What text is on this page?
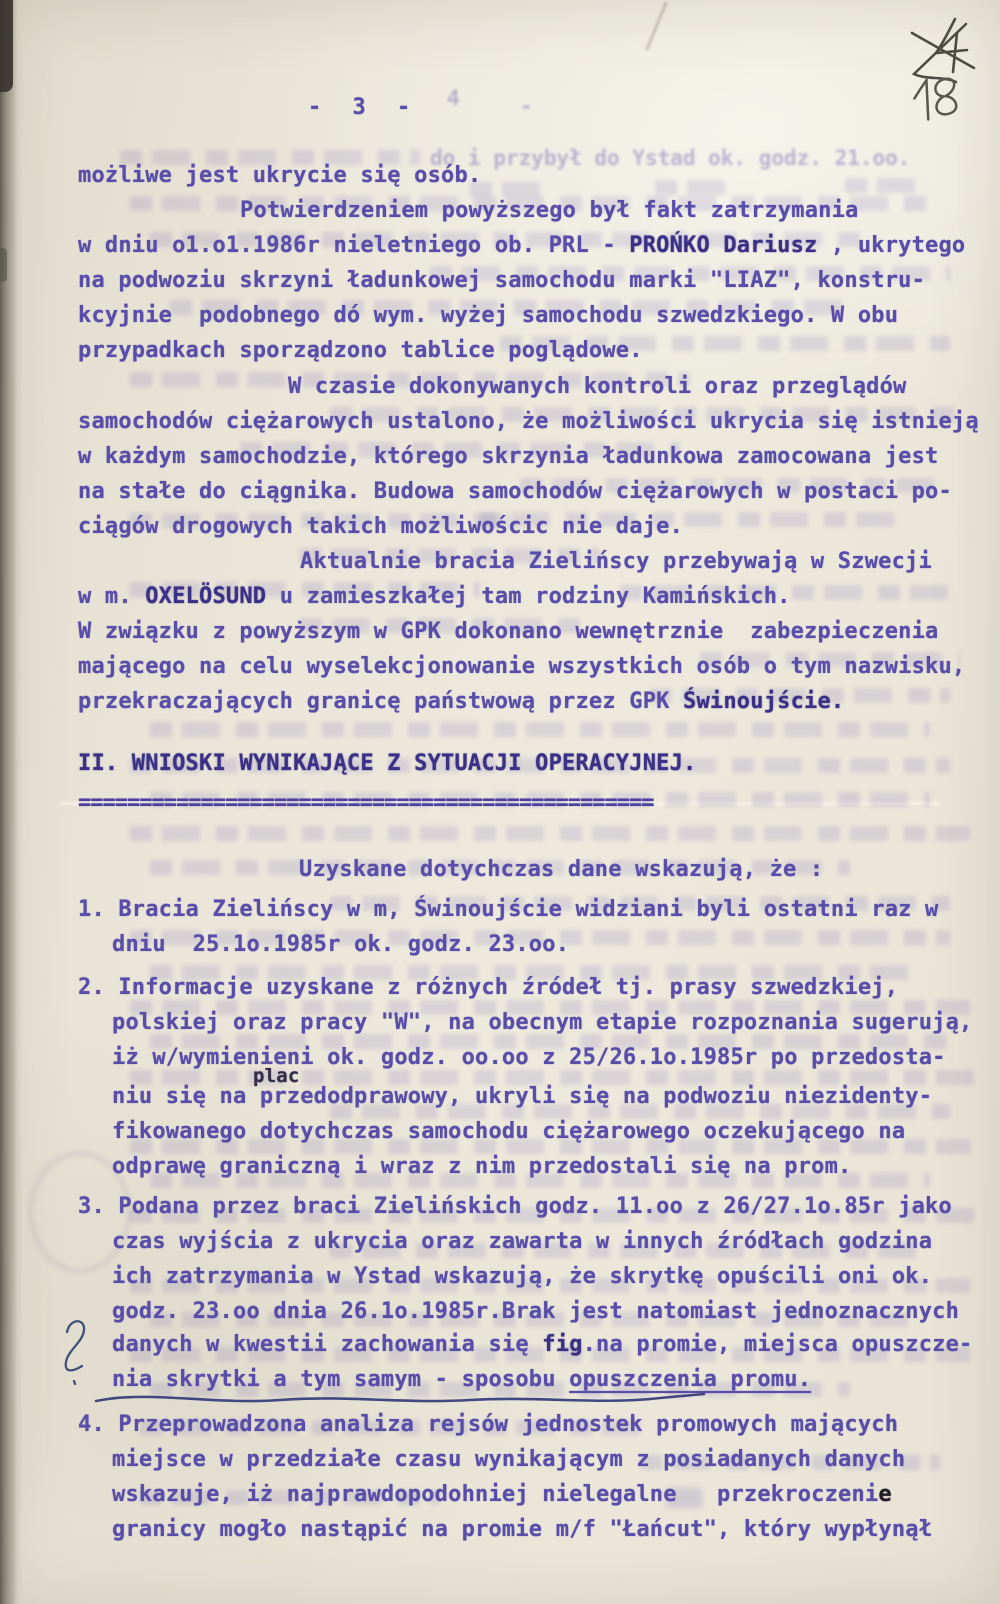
do i przybył do Ystad ok. godz. 21.oo.
- 3 -
możliwe jest ukrycie się osób.
Potwierdzeniem powyższego był fakt zatrzymania
w dniu o1.o1.1986r nieletniego ob. PRL - PROŃKO Dariusz , ukrytego
na podwoziu skrzyni ładunkowej samochodu marki "LIAZ", konstru-
kcyjnie  podobnego dó wym. wyżej samochodu szwedzkiego. W obu
przypadkach sporządzono tablice poglądowe.
W czasie dokonywanych kontroli oraz przeglądów
samochodów ciężarowych ustalono, że możliwości ukrycia się istnieją
w każdym samochodzie, którego skrzynia ładunkowa zamocowana jest
na stałe do ciągnika. Budowa samochodów ciężarowych w postaci po-
ciągów drogowych takich możliwościc nie daje.
Aktualnie bracia Zielińscy przebywają w Szwecji
w m. OXELÖSUND u zamieszkałej tam rodziny Kamińskich.
W związku z powyższym w GPK dokonano wewnętrznie  zabezpieczenia
mającego na celu wyselekcjonowanie wszystkich osób o tym nazwisku,
przekraczających granicę państwową przez GPK Świnoujście.
II. WNIOSKI WYNIKAJĄCE Z SYTUACJI OPERACYJNEJ.
===============================================
Uzyskane dotychczas dane wskazują, że :
1. Bracia Zielińscy w m, Świnoujście widziani byli ostatni raz w
dniu  25.1o.1985r ok. godz. 23.oo.
2. Informacje uzyskane z różnych źródeł tj. prasy szwedzkiej,
polskiej oraz pracy "W", na obecnym etapie rozpoznania sugerują,
iż w/wymienieni ok. godz. oo.oo z 25/26.1o.1985r po przedosta-
plac
niu się na przedodprawowy, ukryli się na podwoziu niezidenty-
fikowanego dotychczas samochodu ciężarowego oczekującego na
odprawę graniczną i wraz z nim przedostali się na prom.
3. Podana przez braci Zielińskich godz. 11.oo z 26/27.1o.85r jako
czas wyjścia z ukrycia oraz zawarta w innych źródłach godzina
ich zatrzymania w Ystad wskazują, że skrytkę opuścili oni ok.
godz. 23.oo dnia 26.1o.1985r.Brak jest natomiast jednoznacznych
danych w kwestii zachowania się fig.na promie, miejsca opuszcze-
nia skrytki a tym samym - sposobu opuszczenia promu.
4. Przeprowadzona analiza rejsów jednostek promowych mających
miejsce w przedziałe czasu wynikającym z posiadanych danych
wskazuje, iż najprawdopodohniej nielegalne   przekroczenie
granicy mogło nastąpić na promie m/f "Łańcut", który wypłynął
4	-
